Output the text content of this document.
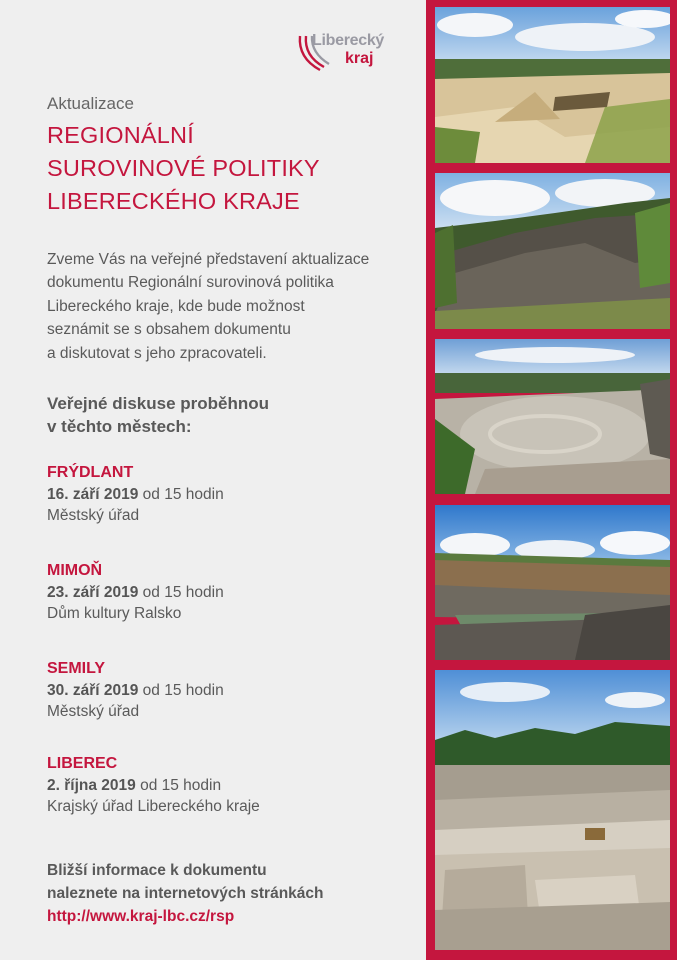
Liberecký
kraj
Aktualizace
REGIONÁLNÍ
SUROVINOVÉ POLITIKY
LIBERECKÉHO KRAJE
Zveme Vás na veřejné představení aktualizace
dokumentu Regionální surovinová politika
Libereckého kraje, kde bude možnost
seznámit se s obsahem dokumentu
a diskutovat s jeho zpracovateli.
Veřejné diskuse proběhnou
v těchto městech:
FRÝDLANT
16. září 2019 od 15 hodin
Městský úřad
MIMOŇ
23. září 2019 od 15 hodin
Dům kultury Ralsko
SEMILY
30. září 2019 od 15 hodin
Městský úřad
LIBEREC
2. října 2019 od 15 hodin
Krajský úřad Libereckého kraje
Bližší informace k dokumentu
naleznete na internetových stránkách
http://www.kraj-lbc.cz/rsp
